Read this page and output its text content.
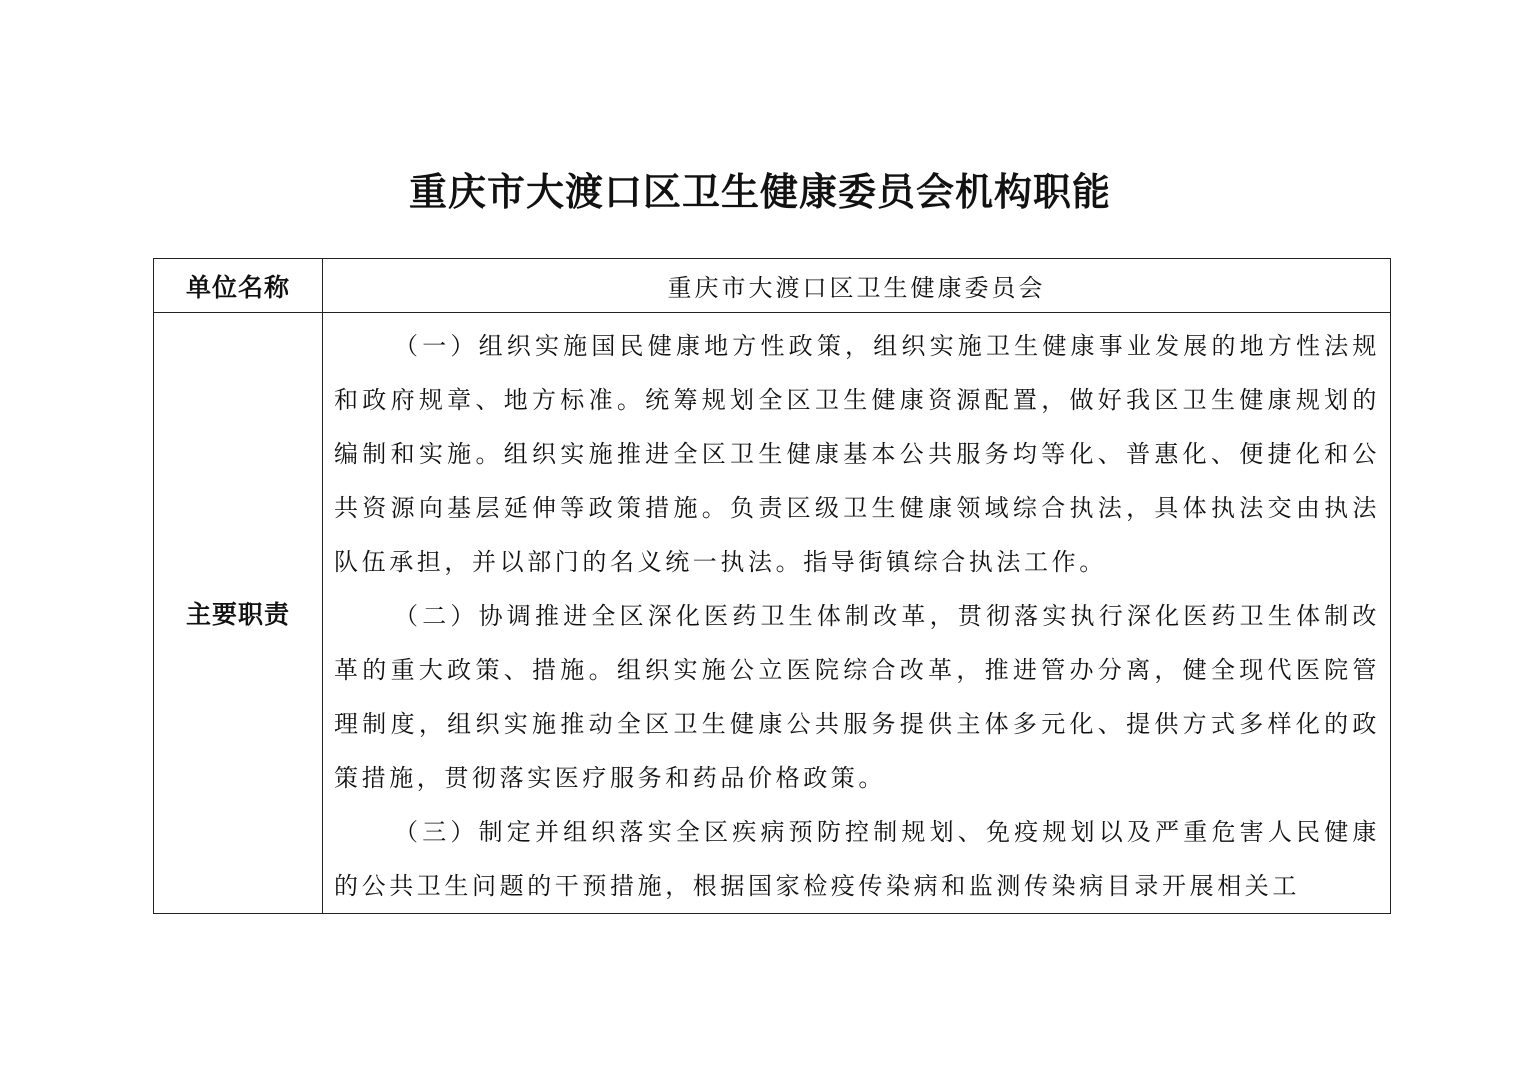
重庆市大渡口区卫生健康委员会机构职能
单位名称	重庆市大渡口区卫生健康委员会
主要职责	（一）组织实施国民健康地方性政策，组织实施卫生健康事业发展的地方性法规和政府规章、地方标准。统筹规划全区卫生健康资源配置，做好我区卫生健康规划的编制和实施。组织实施推进全区卫生健康基本公共服务均等化、普惠化、便捷化和公共资源向基层延伸等政策措施。负责区级卫生健康领域综合执法，具体执法交由执法队伍承担，并以部门的名义统一执法。指导街镇综合执法工作。

（二）协调推进全区深化医药卫生体制改革，贯彻落实执行深化医药卫生体制改革的重大政策、措施。组织实施公立医院综合改革，推进管办分离，健全现代医院管理制度，组织实施推动全区卫生健康公共服务提供主体多元化、提供方式多样化的政策措施，贯彻落实医疗服务和药品价格政策。

（三）制定并组织落实全区疾病预防控制规划、免疫规划以及严重危害人民健康的公共卫生问题的干预措施，根据国家检疫传染病和监测传染病目录开展相关工
